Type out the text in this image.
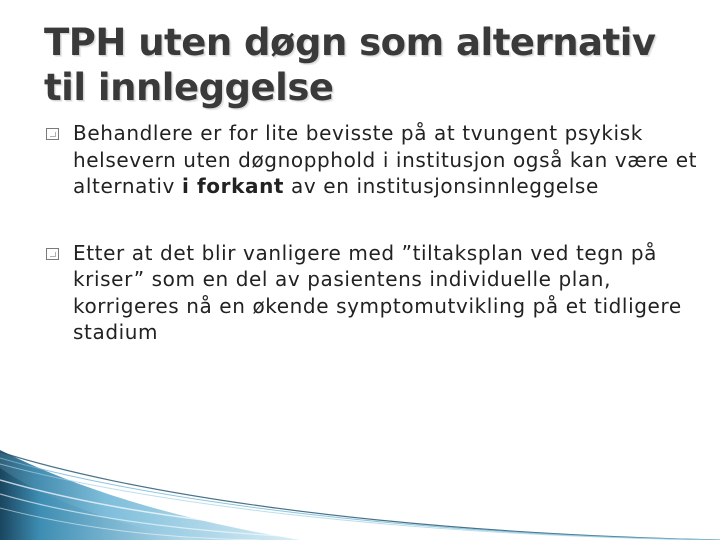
TPH uten døgn som alternativ til innleggelse
Behandlere er for lite bevisste på at tvungent psykisk helsevern uten døgnopphold i institusjon også kan være et alternativ i forkant av en institusjonsinnleggelse
Etter at det blir vanligere med ”tiltaksplan ved tegn på kriser” som en del av pasientens individuelle plan, korrigeres nå en økende symptomutvikling på et tidligere stadium
